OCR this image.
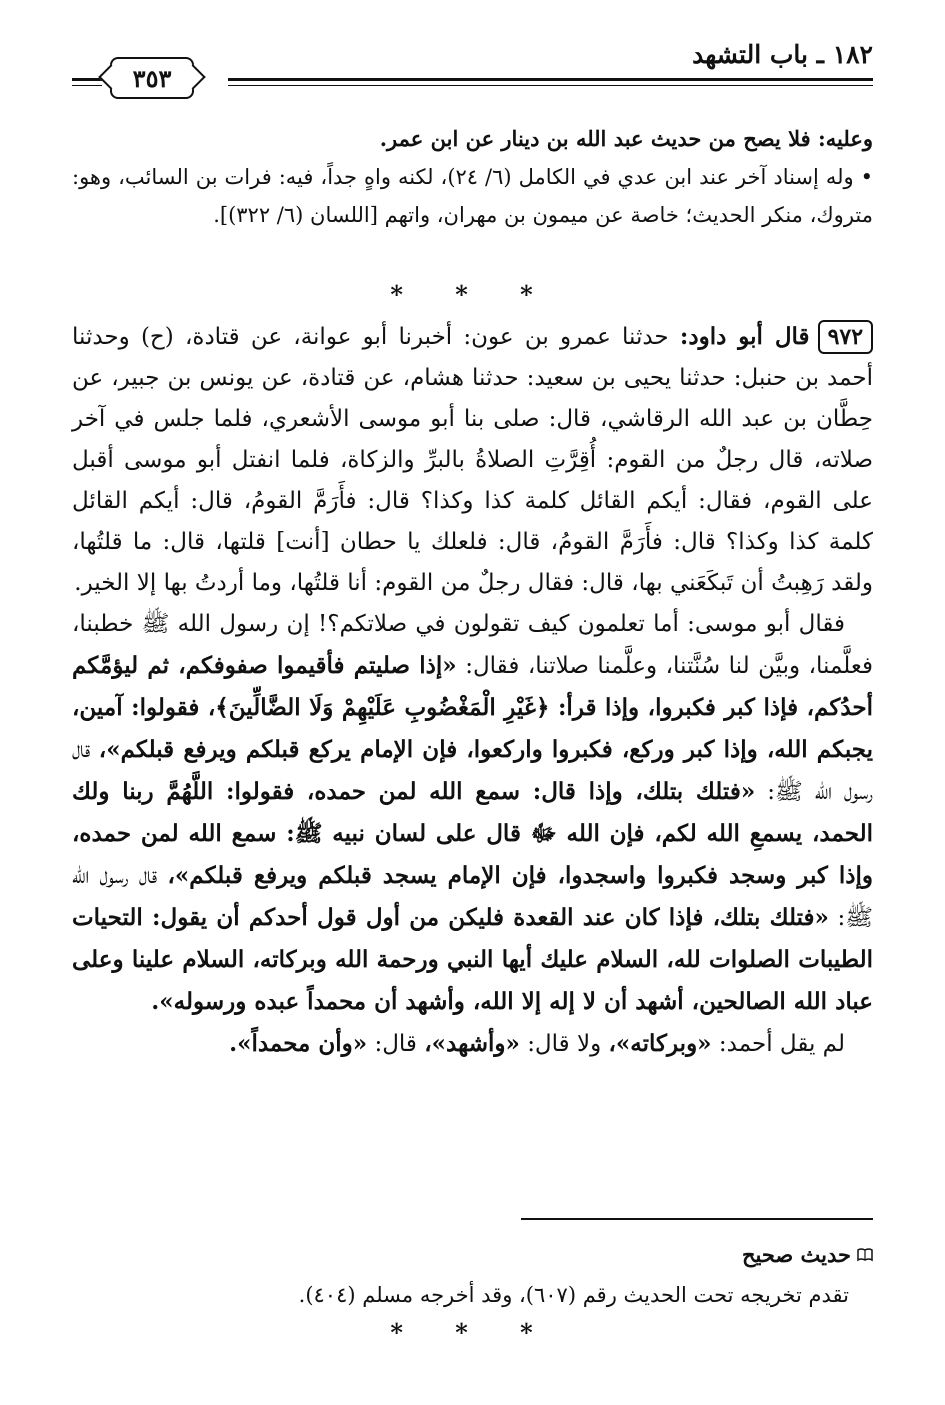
١٨٢ ـ باب التشهد
٣٥٣

وعليه: فلا يصح من حديث عبد الله بن دينار عن ابن عمر.

• وله إسناد آخر عند ابن عدي في الكامل (٦/ ٢٤)، لكنه واهٍ جداً، فيه: فرات بن السائب، وهو: متروك، منكر الحديث؛ خاصة عن ميمون بن مهران، واتهم [اللسان (٦/ ٣٢٢)].

* * *

٩٧٢قال أبو داود: حدثنا عمرو بن عون: أخبرنا أبو عوانة، عن قتادة، (ح) وحدثنا أحمد بن حنبل: حدثنا يحيى بن سعيد: حدثنا هشام، عن قتادة، عن يونس بن جبير، عن حِطَّان بن عبد الله الرقاشي، قال: صلى بنا أبو موسى الأشعري، فلما جلس في آخر صلاته، قال رجلٌ من القوم: أُقِرَّتِ الصلاةُ بالبرِّ والزكاة، فلما انفتل أبو موسى أقبل على القوم، فقال: أيكم القائل كلمة كذا وكذا؟ قال: فأَرَمَّ القومُ، قال: أيكم القائل كلمة كذا وكذا؟ قال: فأَرَمَّ القومُ، قال: فلعلك يا حطان [أنت] قلتها، قال: ما قلتُها، ولقد رَهِبتُ أن تَبكَعَني بها، قال: فقال رجلٌ من القوم: أنا قلتُها، وما أردتُ بها إلا الخير.

فقال أبو موسى: أما تعلمون كيف تقولون في صلاتكم؟! إن رسول الله ﷺ خطبنا، فعلَّمنا، وبيَّن لنا سُنَّتنا، وعلَّمنا صلاتنا، فقال: «إذا صليتم فأقيموا صفوفكم، ثم ليؤمَّكم أحدُكم، فإذا كبر فكبروا، وإذا قرأ: ﴿غَيْرِ الْمَغْضُوبِ عَلَيْهِمْ وَلَا الضَّالِّينَ﴾، فقولوا: آمين، يجبكم الله، وإذا كبر وركع، فكبروا واركعوا، فإن الإمام يركع قبلكم ويرفع قبلكم»، قال رسول الله ﷺ: «فتلك بتلك، وإذا قال: سمع الله لمن حمده، فقولوا: اللَّهُمَّ ربنا ولك الحمد، يسمعِ الله لكم، فإن الله ﷻ قال على لسان نبيه ﷺ: سمع الله لمن حمده، وإذا كبر وسجد فكبروا واسجدوا، فإن الإمام يسجد قبلكم ويرفع قبلكم»، قال رسول الله ﷺ: «فتلك بتلك، فإذا كان عند القعدة فليكن من أول قول أحدكم أن يقول: التحيات الطيبات الصلوات لله، السلام عليك أيها النبي ورحمة الله وبركاته، السلام علينا وعلى عباد الله الصالحين، أشهد أن لا إله إلا الله، وأشهد أن محمداً عبده ورسوله».

لم يقل أحمد: «وبركاته»، ولا قال: «وأشهد»، قال: «وأن محمداً».

حديث صحيح

تقدم تخريجه تحت الحديث رقم (٦٠٧)، وقد أخرجه مسلم (٤٠٤).

* * *
